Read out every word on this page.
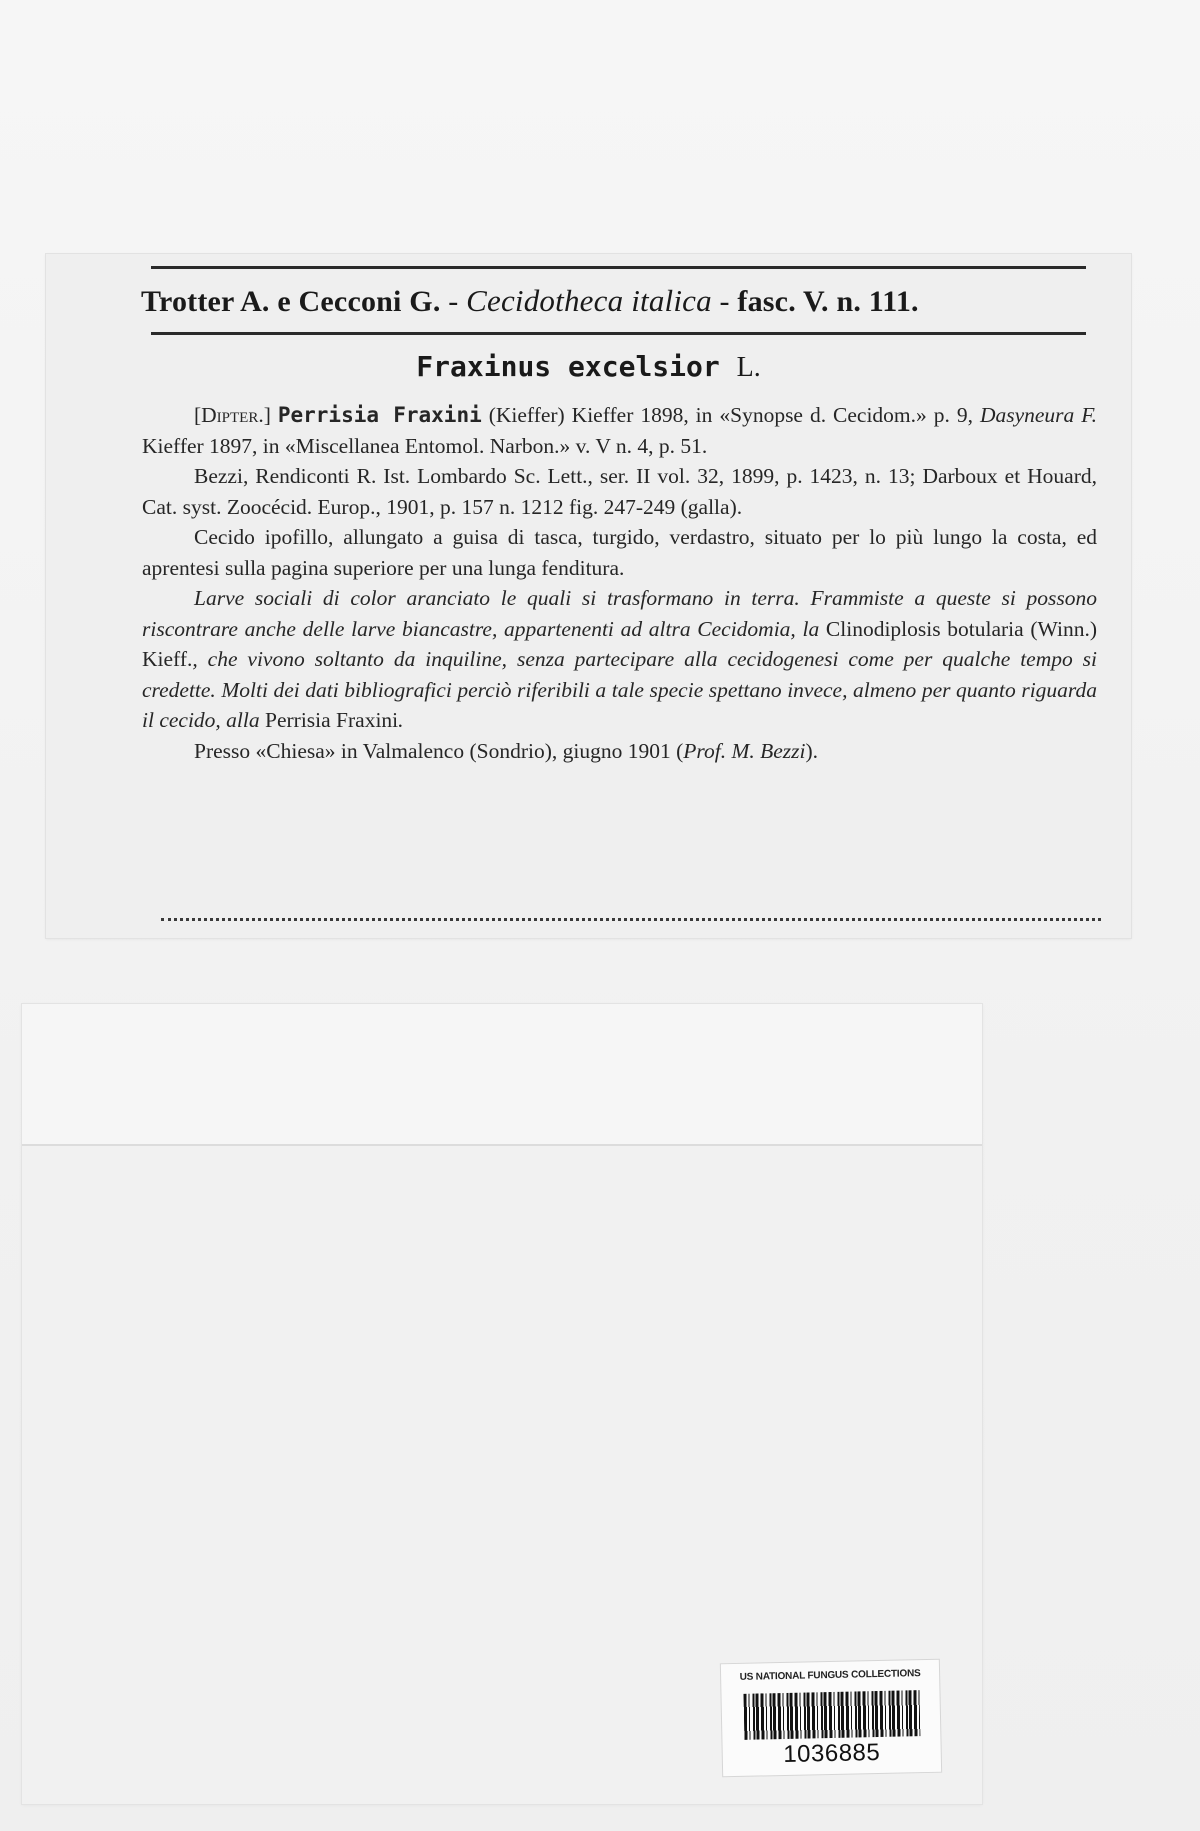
Trotter A. e Cecconi G. - Cecidotheca italica - fasc. V. n. 111.
Fraxinus excelsior L.

[Dipter.] Perrisia Fraxini (Kieffer) Kieffer 1898, in «Synopse d. Cecidom.» p. 9, Dasyneura F. Kieffer 1897, in «Miscellanea Entomol. Narbon.» v. V n. 4, p. 51.

Bezzi, Rendiconti R. Ist. Lombardo Sc. Lett., ser. II vol. 32, 1899, p. 1423, n. 13; Darboux et Houard, Cat. syst. Zoocécid. Europ., 1901, p. 157 n. 1212 fig. 247-249 (galla).

Cecido ipofillo, allungato a guisa di tasca, turgido, verdastro, situato per lo più lungo la costa, ed aprentesi sulla pagina superiore per una lunga fenditura.

Larve sociali di color aranciato le quali si trasformano in terra. Frammiste a queste si possono riscontrare anche delle larve biancastre, appartenenti ad altra Cecidomia, la Clinodiplosis botularia (Winn.) Kieff., che vivono soltanto da inquiline, senza partecipare alla cecidogenesi come per qualche tempo si credette. Molti dei dati bibliografici perciò riferibili a tale specie spettano invece, almeno per quanto riguarda il cecido, alla Perrisia Fraxini.

Presso «Chiesa» in Valmalenco (Sondrio), giugno 1901 (Prof. M. Bezzi).

US NATIONAL FUNGUS COLLECTIONS
1036885
